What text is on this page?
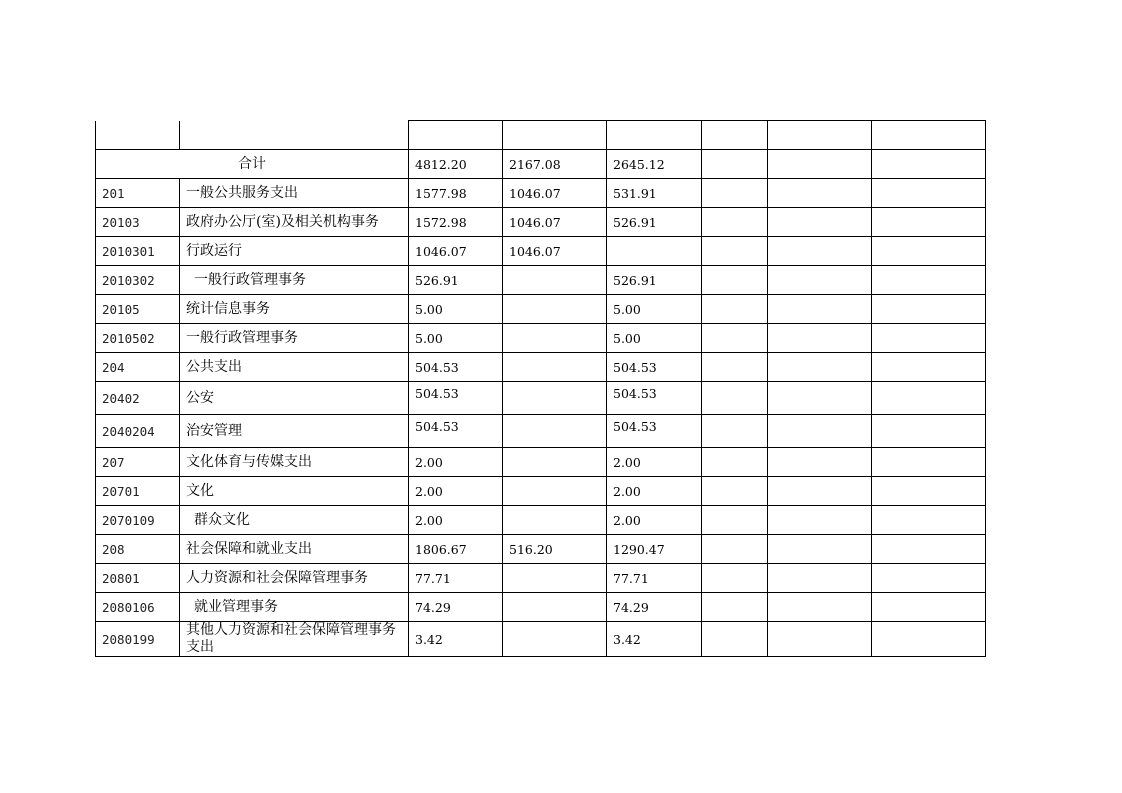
合计		4812.20	2167.08	2645.12			
201	一般公共服务支出	1577.98	1046.07	531.91			
20103	政府办公厅(室)及相关机构事务	1572.98	1046.07	526.91			
2010301	行政运行	1046.07	1046.07				
2010302	一般行政管理事务	526.91		526.91			
20105	统计信息事务	5.00		5.00			
2010502	一般行政管理事务	5.00		5.00			
204	公共支出	504.53		504.53			
20402	公安	504.53		504.53			
2040204	治安管理	504.53		504.53			
207	文化体育与传媒支出	2.00		2.00			
20701	文化	2.00		2.00			
2070109	群众文化	2.00		2.00			
208	社会保障和就业支出	1806.67	516.20	1290.47			
20801	人力资源和社会保障管理事务	77.71		77.71			
2080106	就业管理事务	74.29		74.29			
2080199	其他人力资源和社会保障管理事务支出	3.42		3.42			
